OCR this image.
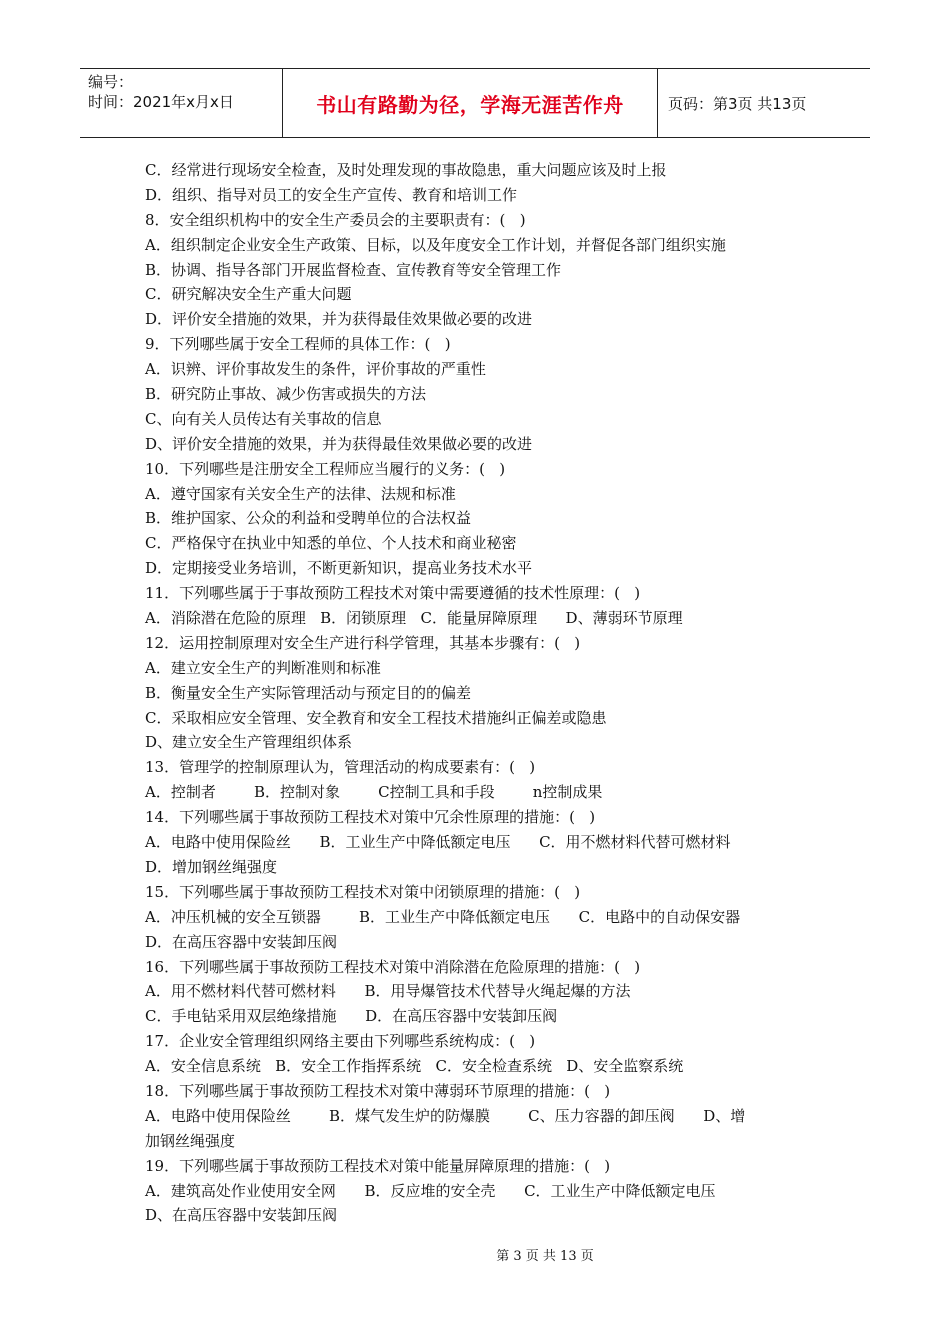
编号：
时间：2021年x月x日	书山有路勤为径，学海无涯苦作舟	页码：第3页 共13页
C．经常进行现场安全检查，及时处理发现的事故隐患，重大问题应该及时上报
D．组织、指导对员工的安全生产宣传、教育和培训工作
8．安全组织机构中的安全生产委员会的主要职责有：(   )
A．组织制定企业安全生产政策、目标，以及年度安全工作计划，并督促各部门组织实施
B．协调、指导各部门开展监督检查、宣传教育等安全管理工作
C．研究解决安全生产重大问题
D．评价安全措施的效果，并为获得最佳效果做必要的改进
9．下列哪些属于安全工程师的具体工作：(   )
A．识辨、评价事故发生的条件，评价事故的严重性
B．研究防止事故、减少伤害或损失的方法
C、向有关人员传达有关事故的信息
D、评价安全措施的效果，并为获得最佳效果做必要的改进
10．下列哪些是注册安全工程师应当履行的义务：(   )
A．遵守国家有关安全生产的法律、法规和标准
B．维护国家、公众的利益和受聘单位的合法权益
C．严格保守在执业中知悉的单位、个人技术和商业秘密
D．定期接受业务培训，不断更新知识，提高业务技术水平
11．下列哪些属于于事故预防工程技术对策中需要遵循的技术性原理：(   )
A．消除潜在危险的原理   B．闭锁原理   C．能量屏障原理      D、薄弱环节原理
12．运用控制原理对安全生产进行科学管理，其基本步骤有：(   )
A．建立安全生产的判断准则和标准
B．衡量安全生产实际管理活动与预定目的的偏差
C．采取相应安全管理、安全教育和安全工程技术措施纠正偏差或隐患
D、建立安全生产管理组织体系
13．管理学的控制原理认为，管理活动的构成要素有：(   )
A．控制者        B．控制对象        C控制工具和手段        n控制成果
14．下列哪些属于事故预防工程技术对策中冗余性原理的措施：(   )
A．电路中使用保险丝      B．工业生产中降低额定电压      C．用不燃材料代替可燃材料
D．增加钢丝绳强度
15．下列哪些属于事故预防工程技术对策中闭锁原理的措施：(   )
A．冲压机械的安全互锁器        B．工业生产中降低额定电压      C．电路中的自动保安器
D．在高压容器中安装卸压阀
16．下列哪些属于事故预防工程技术对策中消除潜在危险原理的措施：(   )
A．用不燃材料代替可燃材料      B．用导爆管技术代替导火绳起爆的方法
C．手电钻采用双层绝缘措施      D．在高压容器中安装卸压阀
17．企业安全管理组织网络主要由下列哪些系统构成：(   )
A．安全信息系统   B．安全工作指挥系统   C．安全检查系统   D、安全监察系统
18．下列哪些属于事故预防工程技术对策中薄弱环节原理的措施：(   )
A．电路中使用保险丝        B．煤气发生炉的防爆膜        C、压力容器的卸压阀      D、增
加钢丝绳强度
19．下列哪些属于事故预防工程技术对策中能量屏障原理的措施：(   )
A．建筑高处作业使用安全网      B．反应堆的安全壳      C．工业生产中降低额定电压
D、在高压容器中安装卸压阀
第 3 页 共 13 页
